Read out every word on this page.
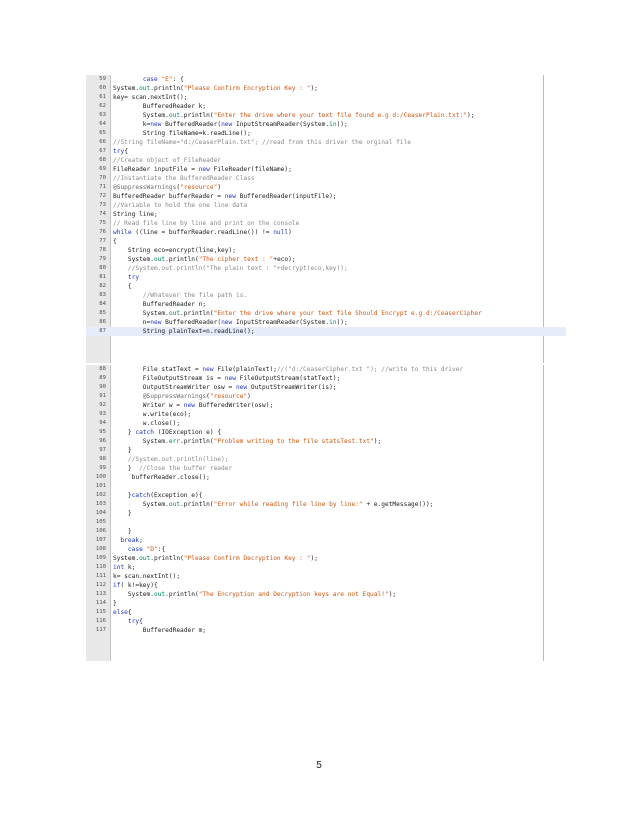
59	case "E": {
60 System.out.println("Please Confirm Encryption Key : ");
61 key= scan.nextInt();
62 BufferedReader k;
63 System.out.println("Enter the drive where your text file found e.g d:/CeaserPlain.txt:");
64 k=new BufferedReader(new InputStreamReader(System.in));
65 String fileName=k.readLine();
66 //String fileName="d:/CeaserPlain.txt"; //read from this driver the orginal file
67 try{
68 //Create object of FileReader
69 FileReader inputFile = new FileReader(fileName);
70 //Instantiate the BufferedReader Class
71 @SuppressWarnings("resource")
72 BufferedReader bufferReader = new BufferedReader(inputFile);
73 //Variable to hold the one line data
74 String line;
75 // Read file line by line and print on the console
76 while ((line = bufferReader.readLine()) != null)
77 {
78 String eco=encrypt(line,key);
79 System.out.println("The cipher text : "+eco);
80	//System.out.println("The plain text : "+decrypt(eco,key));
81	try
82 {
83	//Whatever the file path is.
84 BufferedReader n;
85 System.out.println("Enter the drive where your text file Should Encrypt e.g d:/CeaserCipher
86 n=new BufferedReader(new InputStreamReader(System.in));
87 String plainText=n.readLine();
88 File statText = new File(plainText);//("d:/CeaserCipher.txt "); //write to this driver
89 FileOutputStream is = new FileOutputStream(statText);
90 OutputStreamWriter osw = new OutputStreamWriter(is);
91	@SuppressWarnings("resource")
92 Writer w = new BufferedWriter(osw);
93 w.write(eco);
94 w.close();
95 } catch (IOException e) {
96 System.err.println("Problem writing to the file statsTest.txt");
97 }
98	//System.out.println(line);
99 }  //Close the buffer reader
100 bufferReader.close();
101
102 }catch(Exception e){
103 System.out.println("Error while reading file line by line:" + e.getMessage());
104 }
105
106 }
107	break;
108	case "D":{
109 System.out.println("Please Confirm Decryption Key : ");
110 int k;
111 k= scan.nextInt();
112 if( k!=key){
113 System.out.println("The Encryption and Decryption keys are not Equal!");
114 }
115 else{
116	try{
117 BufferedReader m;
5
